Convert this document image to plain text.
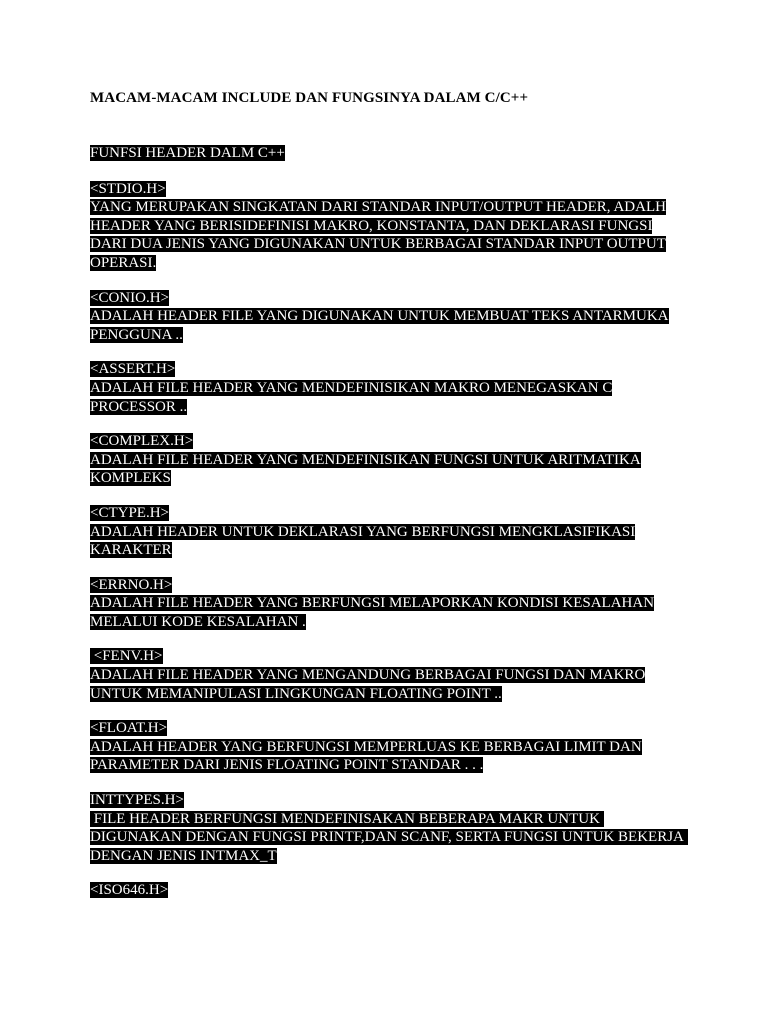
MACAM-MACAM INCLUDE DAN FUNGSINYA DALAM C/C++
FUNFSI HEADER DALM C++
<STDIO.H>
YANG MERUPAKAN SINGKATAN DARI STANDAR INPUT/OUTPUT HEADER, ADALH HEADER YANG BERISIDEFINISI MAKRO, KONSTANTA, DAN DEKLARASI FUNGSI DARI DUA JENIS YANG DIGUNAKAN UNTUK BERBAGAI STANDAR INPUT OUTPUT OPERASI.
<CONIO.H>
ADALAH HEADER FILE YANG DIGUNAKAN UNTUK MEMBUAT TEKS ANTARMUKA PENGGUNA ..
<ASSERT.H>
ADALAH FILE HEADER YANG MENDEFINISIKAN MAKRO MENEGASKAN C PROCESSOR ..
<COMPLEX.H>
ADALAH FILE HEADER YANG MENDEFINISIKAN FUNGSI UNTUK ARITMATIKA KOMPLEKS
<CTYPE.H>
ADALAH HEADER UNTUK DEKLARASI YANG BERFUNGSI MENGKLASIFIKASI KARAKTER
<ERRNO.H>
ADALAH FILE HEADER YANG BERFUNGSI MELAPORKAN KONDISI KESALAHAN MELALUI KODE KESALAHAN .
<FENV.H>
ADALAH FILE HEADER YANG MENGANDUNG BERBAGAI FUNGSI DAN MAKRO UNTUK MEMANIPULASI LINGKUNGAN FLOATING POINT ..
<FLOAT.H>
ADALAH HEADER YANG BERFUNGSI MEMPERLUAS KE BERBAGAI LIMIT DAN PARAMETER DARI JENIS FLOATING POINT STANDAR . . .
INTTYPES.H>
FILE HEADER BERFUNGSI MENDEFINISAKAN BEBERAPA MAKR UNTUK DIGUNAKAN DENGAN FUNGSI PRINTF,DAN SCANF, SERTA FUNGSI UNTUK BEKERJA DENGAN JENIS INTMAX_T
<ISO646.H>
